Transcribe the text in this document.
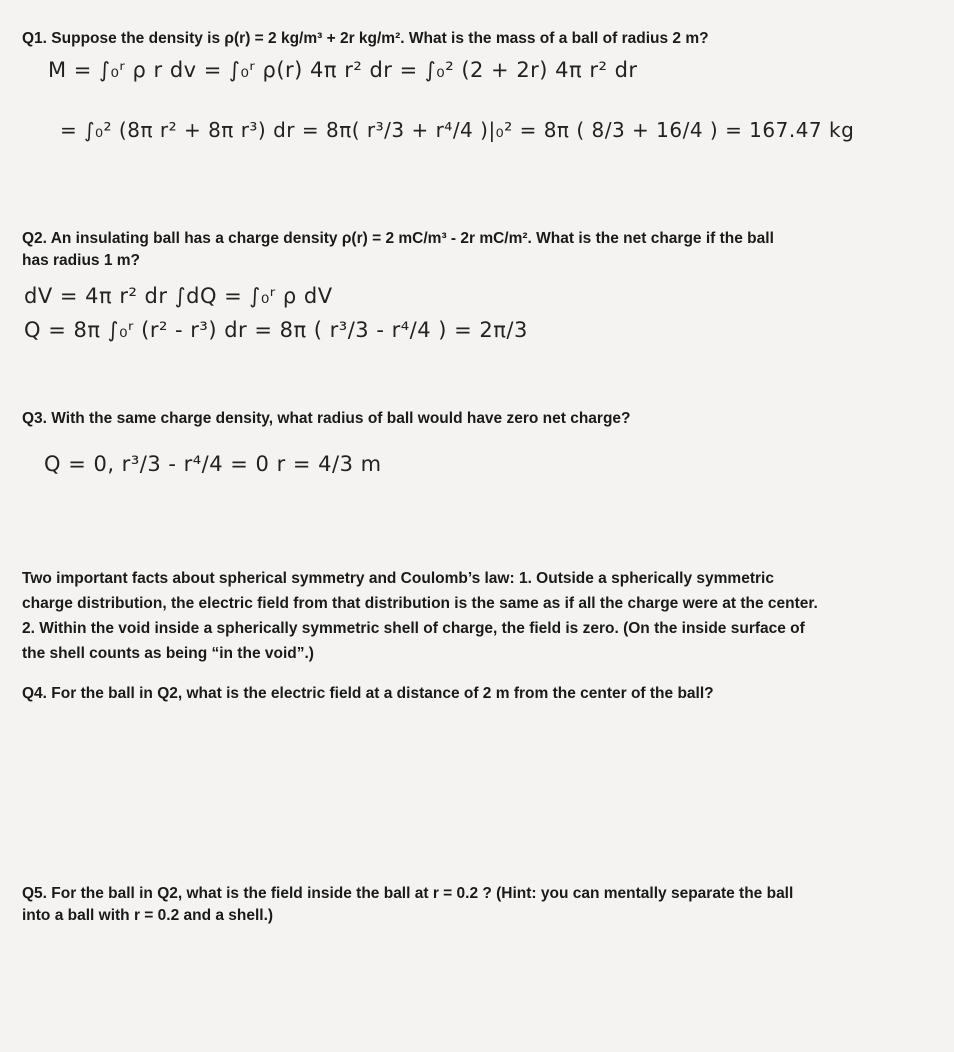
Q1. Suppose the density is ρ(r) = 2 kg/m³ + 2r kg/m². What is the mass of a ball of radius 2 m?

M = ∫₀ʳ ρ r dv = ∫₀ʳ ρ(r) 4π r² dr = ∫₀² (2 + 2r) 4π r² dr

= ∫₀² (8π r² + 8π r³) dr = 8π( r³/3 + r⁴/4 )|₀² = 8π ( 8/3 + 16/4 ) = 167.47 kg

Q2. An insulating ball has a charge density ρ(r) = 2 mC/m³ - 2r mC/m². What is the net charge if the ball has radius 1 m?

dV = 4π r² dr ∫dQ = ∫₀ʳ ρ dV

Q = 8π ∫₀ʳ (r² - r³) dr = 8π ( r³/3 - r⁴/4 ) = 2π/3

Q3. With the same charge density, what radius of ball would have zero net charge?

Q = 0, r³/3 - r⁴/4 = 0 r = 4/3 m

Two important facts about spherical symmetry and Coulomb’s law: 1. Outside a spherically symmetric charge distribution, the electric field from that distribution is the same as if all the charge were at the center. 2. Within the void inside a spherically symmetric shell of charge, the field is zero. (On the inside surface of the shell counts as being “in the void”.)

Q4. For the ball in Q2, what is the electric field at a distance of 2 m from the center of the ball?

Q5. For the ball in Q2, what is the field inside the ball at r = 0.2 ? (Hint: you can mentally separate the ball into a ball with r = 0.2 and a shell.)
